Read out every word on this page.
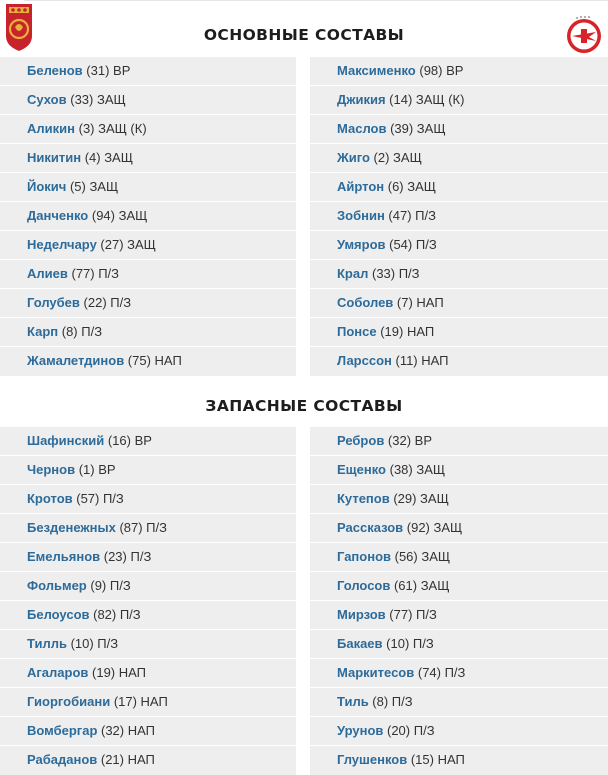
ОСНОВНЫЕ СОСТАВЫ
Беленов (31) ВР
Сухов (33) ЗАЩ
Аликин (3) ЗАЩ (К)
Никитин (4) ЗАЩ
Йокич (5) ЗАЩ
Данченко (94) ЗАЩ
Неделчару (27) ЗАЩ
Алиев (77) П/З
Голубев (22) П/З
Карп (8) П/З
Жамалетдинов (75) НАП
Максименко (98) ВР
Джикия (14) ЗАЩ (К)
Маслов (39) ЗАЩ
Жиго (2) ЗАЩ
Айртон (6) ЗАЩ
Зобнин (47) П/З
Умяров (54) П/З
Крал (33) П/З
Соболев (7) НАП
Понсе (19) НАП
Ларссон (11) НАП
ЗАПАСНЫЕ СОСТАВЫ
Шафинский (16) ВР
Чернов (1) ВР
Кротов (57) П/З
Безденежных (87) П/З
Емельянов (23) П/З
Фольмер (9) П/З
Белоусов (82) П/З
Тилль (10) П/З
Агаларов (19) НАП
Гиоргобиани (17) НАП
Вомбергар (32) НАП
Рабаданов (21) НАП
Ребров (32) ВР
Ещенко (38) ЗАЩ
Кутепов (29) ЗАЩ
Рассказов (92) ЗАЩ
Гапонов (56) ЗАЩ
Голосов (61) ЗАЩ
Мирзов (77) П/З
Бакаев (10) П/З
Маркитесов (74) П/З
Тиль (8) П/З
Урунов (20) П/З
Глушенков (15) НАП
